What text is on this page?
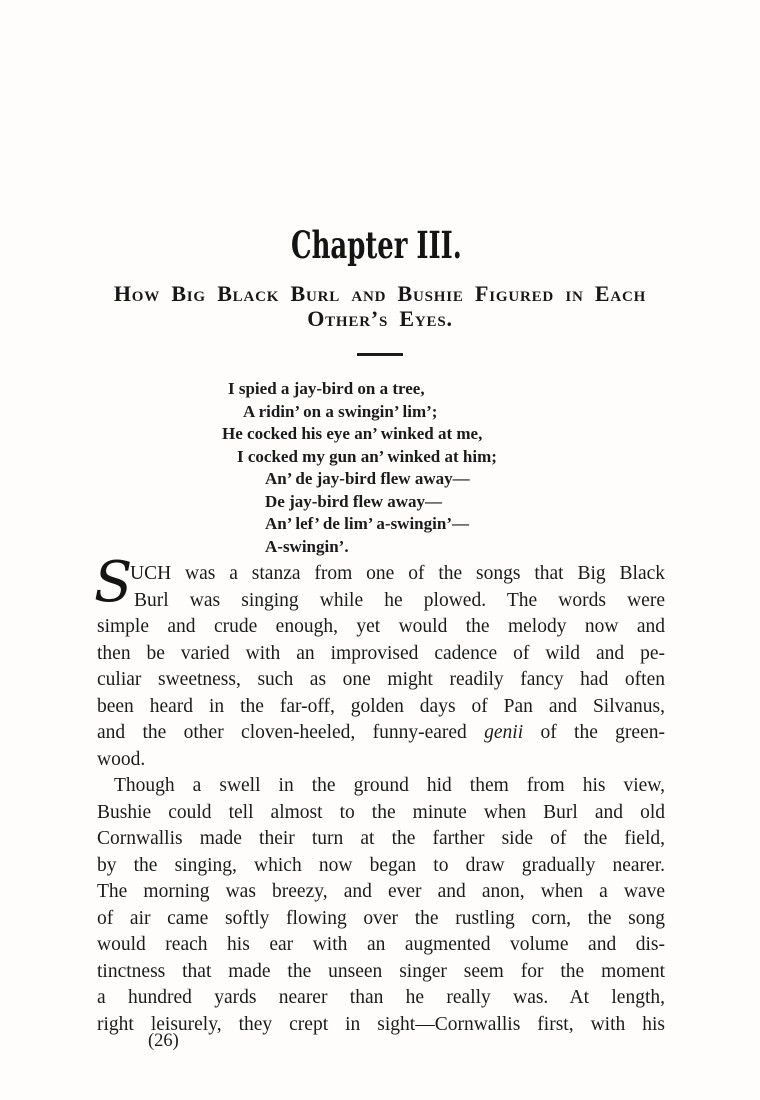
Chapter III.
How Big Black Burl and Bushie Figured in Each
Other’s Eyes.
I spied a jay-bird on a tree,
A ridin’ on a swingin’ lim’;
He cocked his eye an’ winked at me,
I cocked my gun an’ winked at him;
An’ de jay-bird flew away—
De jay-bird flew away—
An’ lef’ de lim’ a-swingin’—
A-swingin’.
S
UCH was a stanza from one of the songs that Big Black
Burl was singing while he plowed. The words were
simple and crude enough, yet would the melody now and
then be varied with an improvised cadence of wild and pe-
culiar sweetness, such as one might readily fancy had often
been heard in the far-off, golden days of Pan and Silvanus,
and the other cloven-heeled, funny-eared genii of the green-
wood.
Though a swell in the ground hid them from his view,
Bushie could tell almost to the minute when Burl and old
Cornwallis made their turn at the farther side of the field,
by the singing, which now began to draw gradually nearer.
The morning was breezy, and ever and anon, when a wave
of air came softly flowing over the rustling corn, the song
would reach his ear with an augmented volume and dis-
tinctness that made the unseen singer seem for the moment
a hundred yards nearer than he really was. At length,
right leisurely, they crept in sight—Cornwallis first, with his
(26)
